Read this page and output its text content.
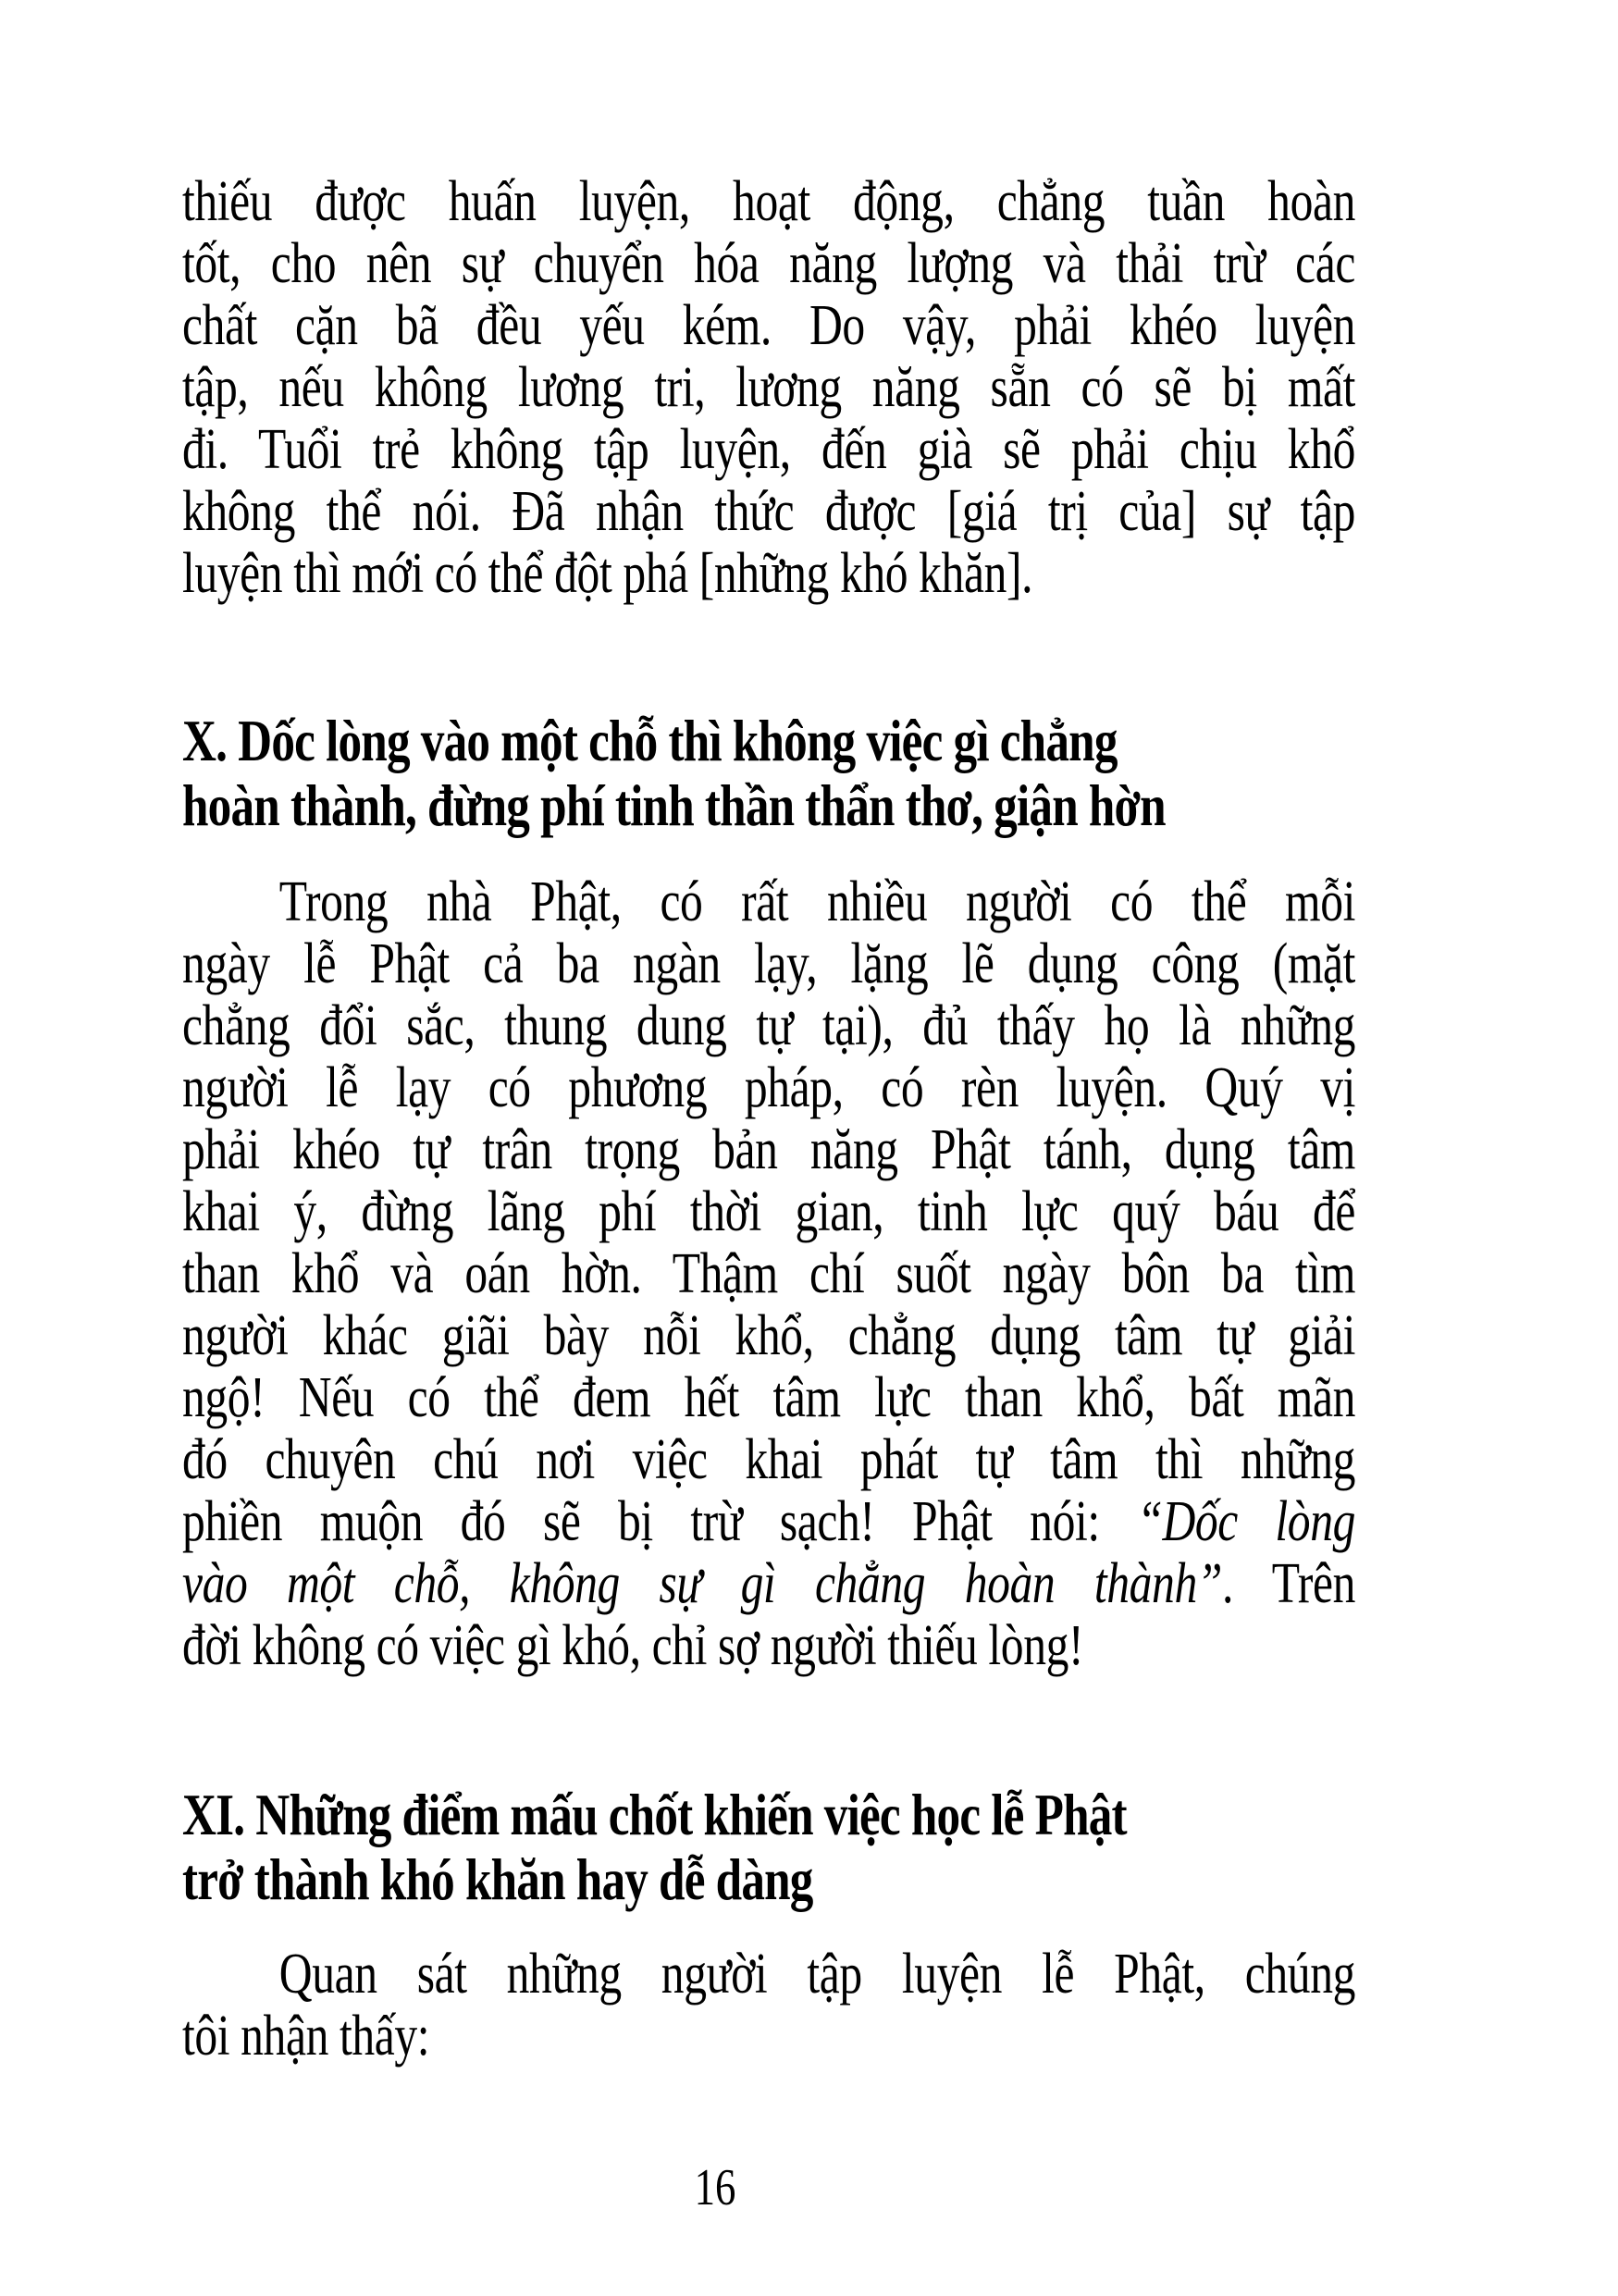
thiếu được huấn luyện, hoạt động, chẳng tuần hoàn
tốt, cho nên sự chuyển hóa năng lượng và thải trừ các
chất cặn bã đều yếu kém. Do vậy, phải khéo luyện
tập, nếu không lương tri, lương năng sẵn có sẽ bị mất
đi. Tuổi trẻ không tập luyện, đến già sẽ phải chịu khổ
không thể nói. Đã nhận thức được [giá trị của] sự tập
luyện thì mới có thể đột phá [những khó khăn].
X. Dốc lòng vào một chỗ thì không việc gì chẳng
hoàn thành, đừng phí tinh thần thẩn thơ, giận hờn
Trong nhà Phật, có rất nhiều người có thể mỗi
ngày lễ Phật cả ba ngàn lạy, lặng lẽ dụng công (mặt
chẳng đổi sắc, thung dung tự tại), đủ thấy họ là những
người lễ lạy có phương pháp, có rèn luyện. Quý vị
phải khéo tự trân trọng bản năng Phật tánh, dụng tâm
khai ý, đừng lãng phí thời gian, tinh lực quý báu để
than khổ và oán hờn. Thậm chí suốt ngày bôn ba tìm
người khác giãi bày nỗi khổ, chẳng dụng tâm tự giải
ngộ! Nếu có thể đem hết tâm lực than khổ, bất mãn
đó chuyên chú nơi việc khai phát tự tâm thì những
phiền muộn đó sẽ bị trừ sạch! Phật nói: “Dốc lòng
vào một chỗ, không sự gì chẳng hoàn thành”. Trên
đời không có việc gì khó, chỉ sợ người thiếu lòng!
XI. Những điểm mấu chốt khiến việc học lễ Phật
trở thành khó khăn hay dễ dàng
Quan sát những người tập luyện lễ Phật, chúng
tôi nhận thấy:
16
